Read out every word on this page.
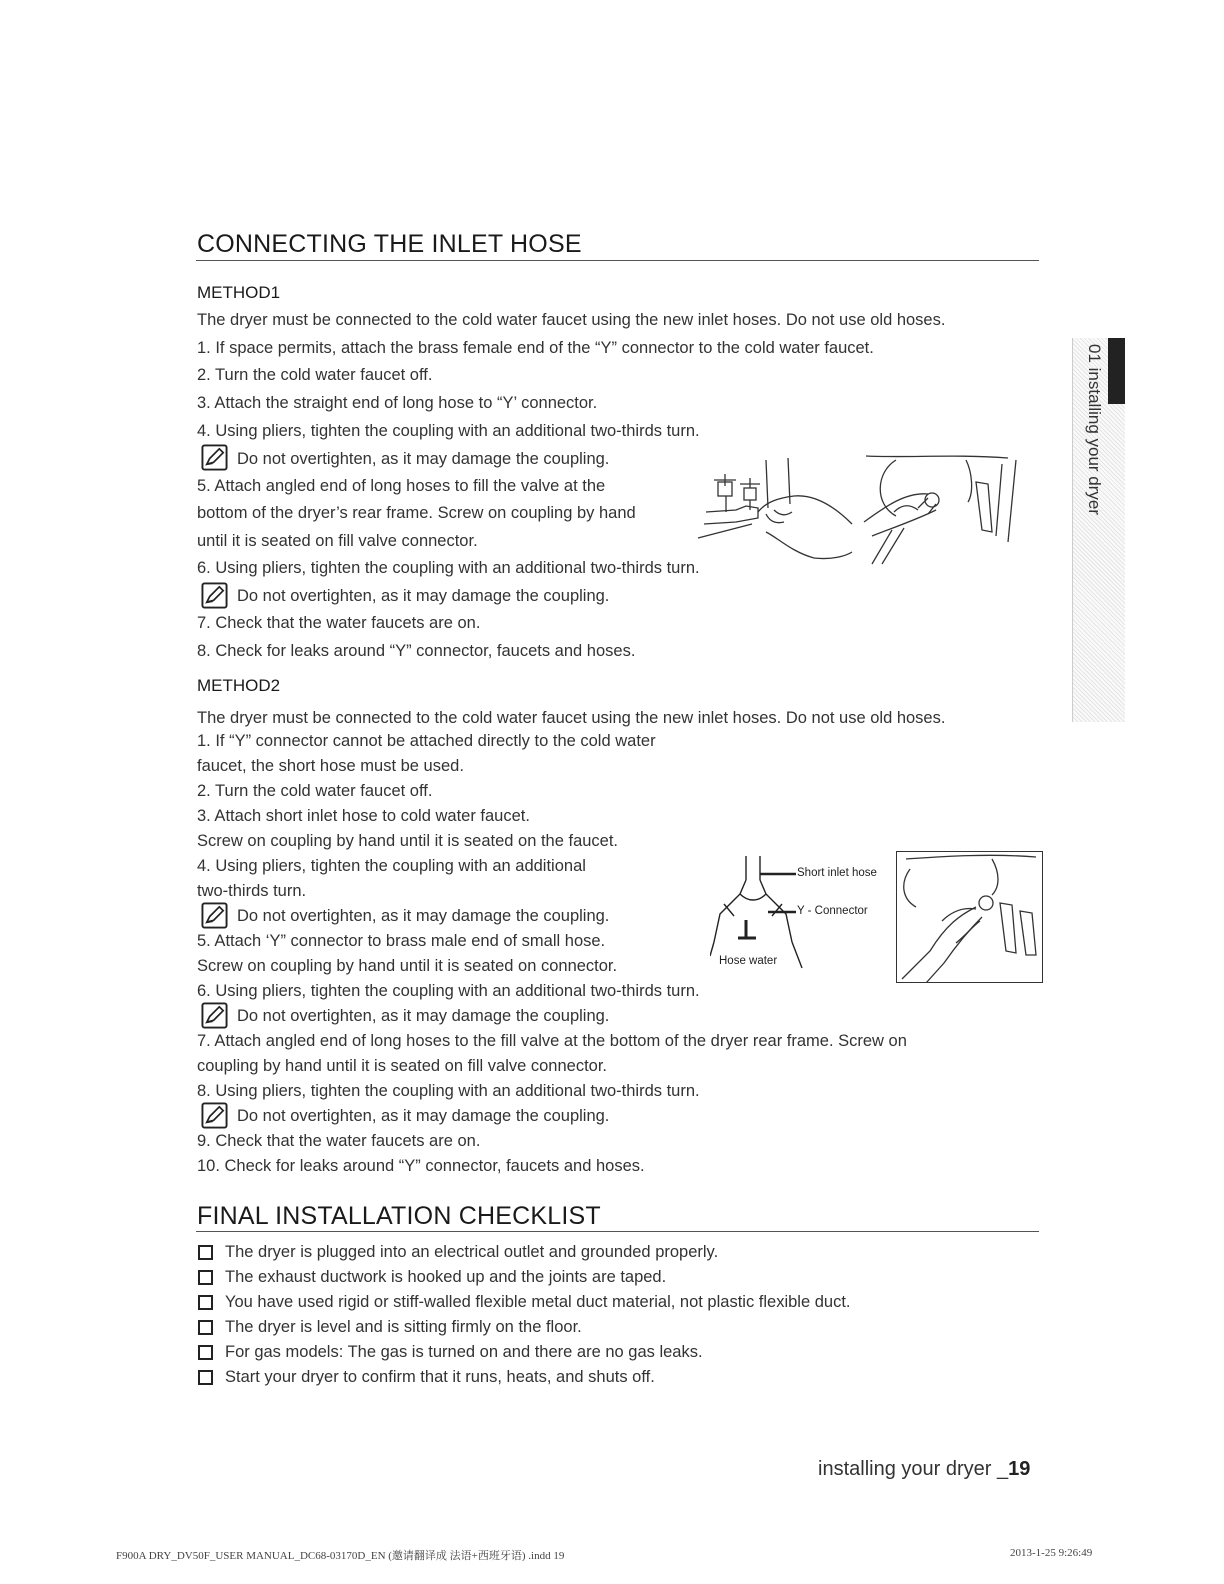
01 installing your dryer
CONNECTING THE INLET HOSE
METHOD1
The dryer must be connected to the cold water faucet using the new inlet hoses. Do not use old hoses.
1. If space permits, attach the brass female end of the “Y” connector to the cold water faucet.
2. Turn the cold water faucet off.
3. Attach the straight end of long hose to “Y’ connector.
4. Using pliers, tighten the coupling with an additional two-thirds turn.
Do not overtighten, as it may damage the coupling.
5. Attach angled end of long hoses to fill the valve at the
bottom of the dryer’s rear frame. Screw on coupling by hand
until it is seated on fill valve connector.
6. Using pliers, tighten the coupling with an additional two-thirds turn.
Do not overtighten, as it may damage the coupling.
7. Check that the water faucets are on.
8. Check for leaks around “Y” connector, faucets and hoses.
METHOD2
The dryer must be connected to the cold water faucet using the new inlet hoses. Do not use old hoses.
1. If “Y” connector cannot be attached directly to the cold water
faucet, the short hose must be used.
2. Turn the cold water faucet off.
3. Attach short inlet hose to cold water faucet.
Screw on coupling by hand until it is seated on the faucet.
4. Using pliers, tighten the coupling with an additional
two-thirds turn.
Do not overtighten, as it may damage the coupling.
5. Attach ‘Y” connector to brass male end of small hose.
Screw on coupling by hand until it is seated on connector.
6. Using pliers, tighten the coupling with an additional two-thirds turn.
Do not overtighten, as it may damage the coupling.
7. Attach angled end of long hoses to the fill valve at the bottom of the dryer rear frame. Screw on
coupling by hand until it is seated on fill valve connector.
8. Using pliers, tighten the coupling with an additional two-thirds turn.
Do not overtighten, as it may damage the coupling.
9. Check that the water faucets are on.
10. Check for leaks around “Y” connector, faucets and hoses.
Short inlet hose
Y - Connector
Hose water
FINAL INSTALLATION CHECKLIST
The dryer is plugged into an electrical outlet and grounded properly.
The exhaust ductwork is hooked up and the joints are taped.
You have used rigid or stiff-walled flexible metal duct material, not plastic flexible duct.
The dryer is level and is sitting firmly on the floor.
For gas models: The gas is turned on and there are no gas leaks.
Start your dryer to confirm that it runs, heats, and shuts off.
installing your dryer _19
F900A DRY_DV50F_USER MANUAL_DC68-03170D_EN (邀请翻译成 法语+西班牙语) .indd 19	2013-1-25 9:26:49
